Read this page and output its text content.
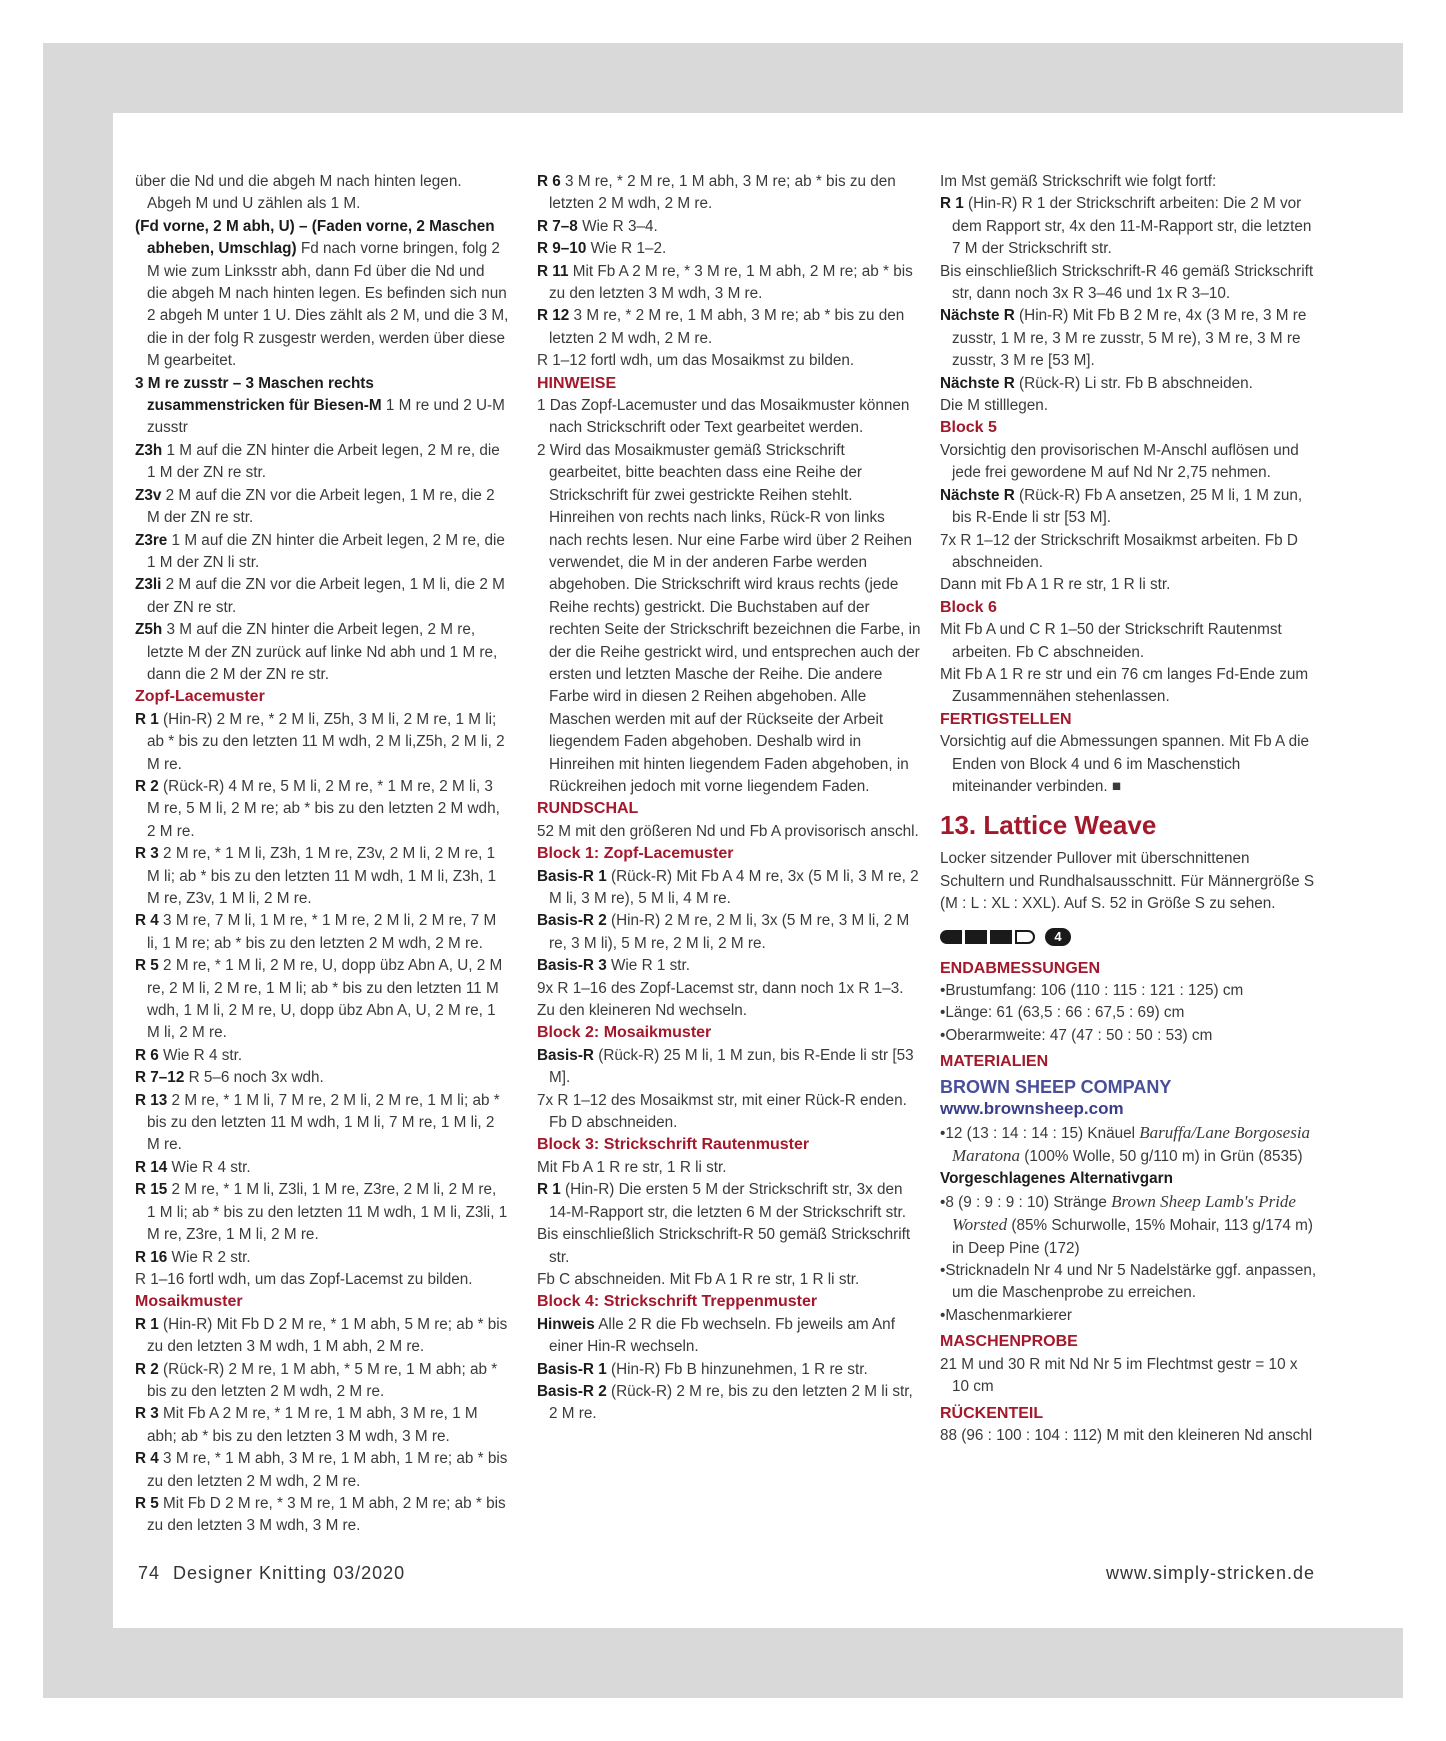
über die Nd und die abgeh M nach hinten legen. Abgeh M und U zählen als 1 M.

(Fd vorne, 2 M abh, U) – (Faden vorne, 2 Maschen abheben, Umschlag) Fd nach vorne bringen, folg 2 M wie zum Linksstr abh, dann Fd über die Nd und die abgeh M nach hinten legen. Es befinden sich nun 2 abgeh M unter 1 U. Dies zählt als 2 M, und die 3 M, die in der folg R zusgestr werden, werden über diese M gearbeitet.

3 M re zusstr – 3 Maschen rechts zusammenstricken für Biesen-M 1 M re und 2 U-M zusstr

Z3h 1 M auf die ZN hinter die Arbeit legen, 2 M re, die 1 M der ZN re str.

Z3v 2 M auf die ZN vor die Arbeit legen, 1 M re, die 2 M der ZN re str.

Z3re 1 M auf die ZN hinter die Arbeit legen, 2 M re, die 1 M der ZN li str.

Z3li 2 M auf die ZN vor die Arbeit legen, 1 M li, die 2 M der ZN re str.

Z5h 3 M auf die ZN hinter die Arbeit legen, 2 M re, letzte M der ZN zurück auf linke Nd abh und 1 M re, dann die 2 M der ZN re str.

Zopf-Lacemuster

R 1 (Hin-R) 2 M re, * 2 M li, Z5h, 3 M li, 2 M re, 1 M li; ab * bis zu den letzten 11 M wdh, 2 M li,Z5h, 2 M li, 2 M re.

R 2 (Rück-R) 4 M re, 5 M li, 2 M re, * 1 M re, 2 M li, 3 M re, 5 M li, 2 M re; ab * bis zu den letzten 2 M wdh, 2 M re.

R 3 2 M re, * 1 M li, Z3h, 1 M re, Z3v, 2 M li, 2 M re, 1 M li; ab * bis zu den letzten 11 M wdh, 1 M li, Z3h, 1 M re, Z3v, 1 M li, 2 M re.

R 4 3 M re, 7 M li, 1 M re, * 1 M re, 2 M li, 2 M re, 7 M li, 1 M re; ab * bis zu den letzten 2 M wdh, 2 M re.

R 5 2 M re, * 1 M li, 2 M re, U, dopp übz Abn A, U, 2 M re, 2 M li, 2 M re, 1 M li; ab * bis zu den letzten 11 M wdh, 1 M li, 2 M re, U, dopp übz Abn A, U, 2 M re, 1 M li, 2 M re.

R 6 Wie R 4 str.

R 7–12 R 5–6 noch 3x wdh.

R 13 2 M re, * 1 M li, 7 M re, 2 M li, 2 M re, 1 M li; ab * bis zu den letzten 11 M wdh, 1 M li, 7 M re, 1 M li, 2 M re.

R 14 Wie R 4 str.

R 15 2 M re, * 1 M li, Z3li, 1 M re, Z3re, 2 M li, 2 M re, 1 M li; ab * bis zu den letzten 11 M wdh, 1 M li, Z3li, 1 M re, Z3re, 1 M li, 2 M re.

R 16 Wie R 2 str.

R 1–16 fortl wdh, um das Zopf-Lacemst zu bilden.

Mosaikmuster

R 1 (Hin-R) Mit Fb D 2 M re, * 1 M abh, 5 M re; ab * bis zu den letzten 3 M wdh, 1 M abh, 2 M re.

R 2 (Rück-R) 2 M re, 1 M abh, * 5 M re, 1 M abh; ab * bis zu den letzten 2 M wdh, 2 M re.

R 3 Mit Fb A 2 M re, * 1 M re, 1 M abh, 3 M re, 1 M abh; ab * bis zu den letzten 3 M wdh, 3 M re.

R 4 3 M re, * 1 M abh, 3 M re, 1 M abh, 1 M re; ab * bis zu den letzten 2 M wdh, 2 M re.

R 5 Mit Fb D 2 M re, * 3 M re, 1 M abh, 2 M re; ab * bis zu den letzten 3 M wdh, 3 M re.

R 6 3 M re, * 2 M re, 1 M abh, 3 M re; ab * bis zu den letzten 2 M wdh, 2 M re.

R 7–8 Wie R 3–4.

R 9–10 Wie R 1–2.

R 11 Mit Fb A 2 M re, * 3 M re, 1 M abh, 2 M re; ab * bis zu den letzten 3 M wdh, 3 M re.

R 12 3 M re, * 2 M re, 1 M abh, 3 M re; ab * bis zu den letzten 2 M wdh, 2 M re.

R 1–12 fortl wdh, um das Mosaikmst zu bilden.

HINWEISE

1 Das Zopf-Lacemuster und das Mosaikmuster können nach Strickschrift oder Text gearbeitet werden.

2 Wird das Mosaikmuster gemäß Strickschrift gearbeitet, bitte beachten dass eine Reihe der Strickschrift für zwei gestrickte Reihen stehlt. Hinreihen von rechts nach links, Rück-R von links nach rechts lesen. Nur eine Farbe wird über 2 Reihen verwendet, die M in der anderen Farbe werden abgehoben. Die Strickschrift wird kraus rechts (jede Reihe rechts) gestrickt. Die Buchstaben auf der rechten Seite der Strickschrift bezeichnen die Farbe, in der die Reihe gestrickt wird, und entsprechen auch der ersten und letzten Masche der Reihe. Die andere Farbe wird in diesen 2 Reihen abgehoben. Alle Maschen werden mit auf der Rückseite der Arbeit liegendem Faden abgehoben. Deshalb wird in Hinreihen mit hinten liegendem Faden abgehoben, in Rückreihen jedoch mit vorne liegendem Faden.

RUNDSCHAL

52 M mit den größeren Nd und Fb A provisorisch anschl.

Block 1: Zopf-Lacemuster

Basis-R 1 (Rück-R) Mit Fb A 4 M re, 3x (5 M li, 3 M re, 2 M li, 3 M re), 5 M li, 4 M re.

Basis-R 2 (Hin-R) 2 M re, 2 M li, 3x (5 M re, 3 M li, 2 M re, 3 M li), 5 M re, 2 M li, 2 M re.

Basis-R 3 Wie R 1 str.

9x R 1–16 des Zopf-Lacemst str, dann noch 1x R 1–3.

Zu den kleineren Nd wechseln.

Block 2: Mosaikmuster

Basis-R (Rück-R) 25 M li, 1 M zun, bis R-Ende li str [53 M].

7x R 1–12 des Mosaikmst str, mit einer Rück-R enden. Fb D abschneiden.

Block 3: Strickschrift Rautenmuster

Mit Fb A 1 R re str, 1 R li str.

R 1 (Hin-R) Die ersten 5 M der Strickschrift str, 3x den 14-M-Rapport str, die letzten 6 M der Strickschrift str.

Bis einschließlich Strickschrift-R 50 gemäß Strickschrift str.

Fb C abschneiden. Mit Fb A 1 R re str, 1 R li str.

Block 4: Strickschrift Treppenmuster

Hinweis Alle 2 R die Fb wechseln. Fb jeweils am Anf einer Hin-R wechseln.

Basis-R 1 (Hin-R) Fb B hinzunehmen, 1 R re str.

Basis-R 2 (Rück-R) 2 M re, bis zu den letzten 2 M li str, 2 M re.

Im Mst gemäß Strickschrift wie folgt fortf:

R 1 (Hin-R) R 1 der Strickschrift arbeiten: Die 2 M vor dem Rapport str, 4x den 11-M-Rapport str, die letzten 7 M der Strickschrift str.

Bis einschließlich Strickschrift-R 46 gemäß Strickschrift str, dann noch 3x R 3–46 und 1x R 3–10.

Nächste R (Hin-R) Mit Fb B 2 M re, 4x (3 M re, 3 M re zusstr, 1 M re, 3 M re zusstr, 5 M re), 3 M re, 3 M re zusstr, 3 M re [53 M].

Nächste R (Rück-R) Li str. Fb B abschneiden.

Die M stilllegen.

Block 5

Vorsichtig den provisorischen M-Anschl auflösen und jede frei gewordene M auf Nd Nr 2,75 nehmen.

Nächste R (Rück-R) Fb A ansetzen, 25 M li, 1 M zun, bis R-Ende li str [53 M].

7x R 1–12 der Strickschrift Mosaikmst arbeiten. Fb D abschneiden.

Dann mit Fb A 1 R re str, 1 R li str.

Block 6

Mit Fb A und C R 1–50 der Strickschrift Rautenmst arbeiten. Fb C abschneiden.

Mit Fb A 1 R re str und ein 76 cm langes Fd-Ende zum Zusammennähen stehenlassen.

FERTIGSTELLEN

Vorsichtig auf die Abmessungen spannen. Mit Fb A die Enden von Block 4 und 6 im Maschenstich miteinander verbinden. ■

13. Lattice Weave

Locker sitzender Pullover mit überschnittenen Schultern und Rundhalsausschnitt. Für Männergröße S (M : L : XL : XXL). Auf S. 52 in Größe S zu sehen.

4

ENDABMESSUNGEN

•Brustumfang: 106 (110 : 115 : 121 : 125) cm

•Länge: 61 (63,5 : 66 : 67,5 : 69) cm

•Oberarmweite: 47 (47 : 50 : 50 : 53) cm

MATERIALIEN

BROWN SHEEP COMPANY

www.brownsheep.com

•12 (13 : 14 : 14 : 15) Knäuel Baruffa/Lane Borgosesia Maratona (100% Wolle, 50 g/110 m) in Grün (8535)

Vorgeschlagenes Alternativgarn

•8 (9 : 9 : 9 : 10) Stränge Brown Sheep Lamb's Pride Worsted (85% Schurwolle, 15% Mohair, 113 g/174 m) in Deep Pine (172)

•Stricknadeln Nr 4 und Nr 5 Nadelstärke ggf. anpassen, um die Maschenprobe zu erreichen.

•Maschenmarkierer

MASCHENPROBE

21 M und 30 R mit Nd Nr 5 im Flechtmst gestr = 10 x 10 cm

RÜCKENTEIL

88 (96 : 100 : 104 : 112) M mit den kleineren Nd anschl

74 Designer Knitting 03/2020	www.simply-stricken.de
